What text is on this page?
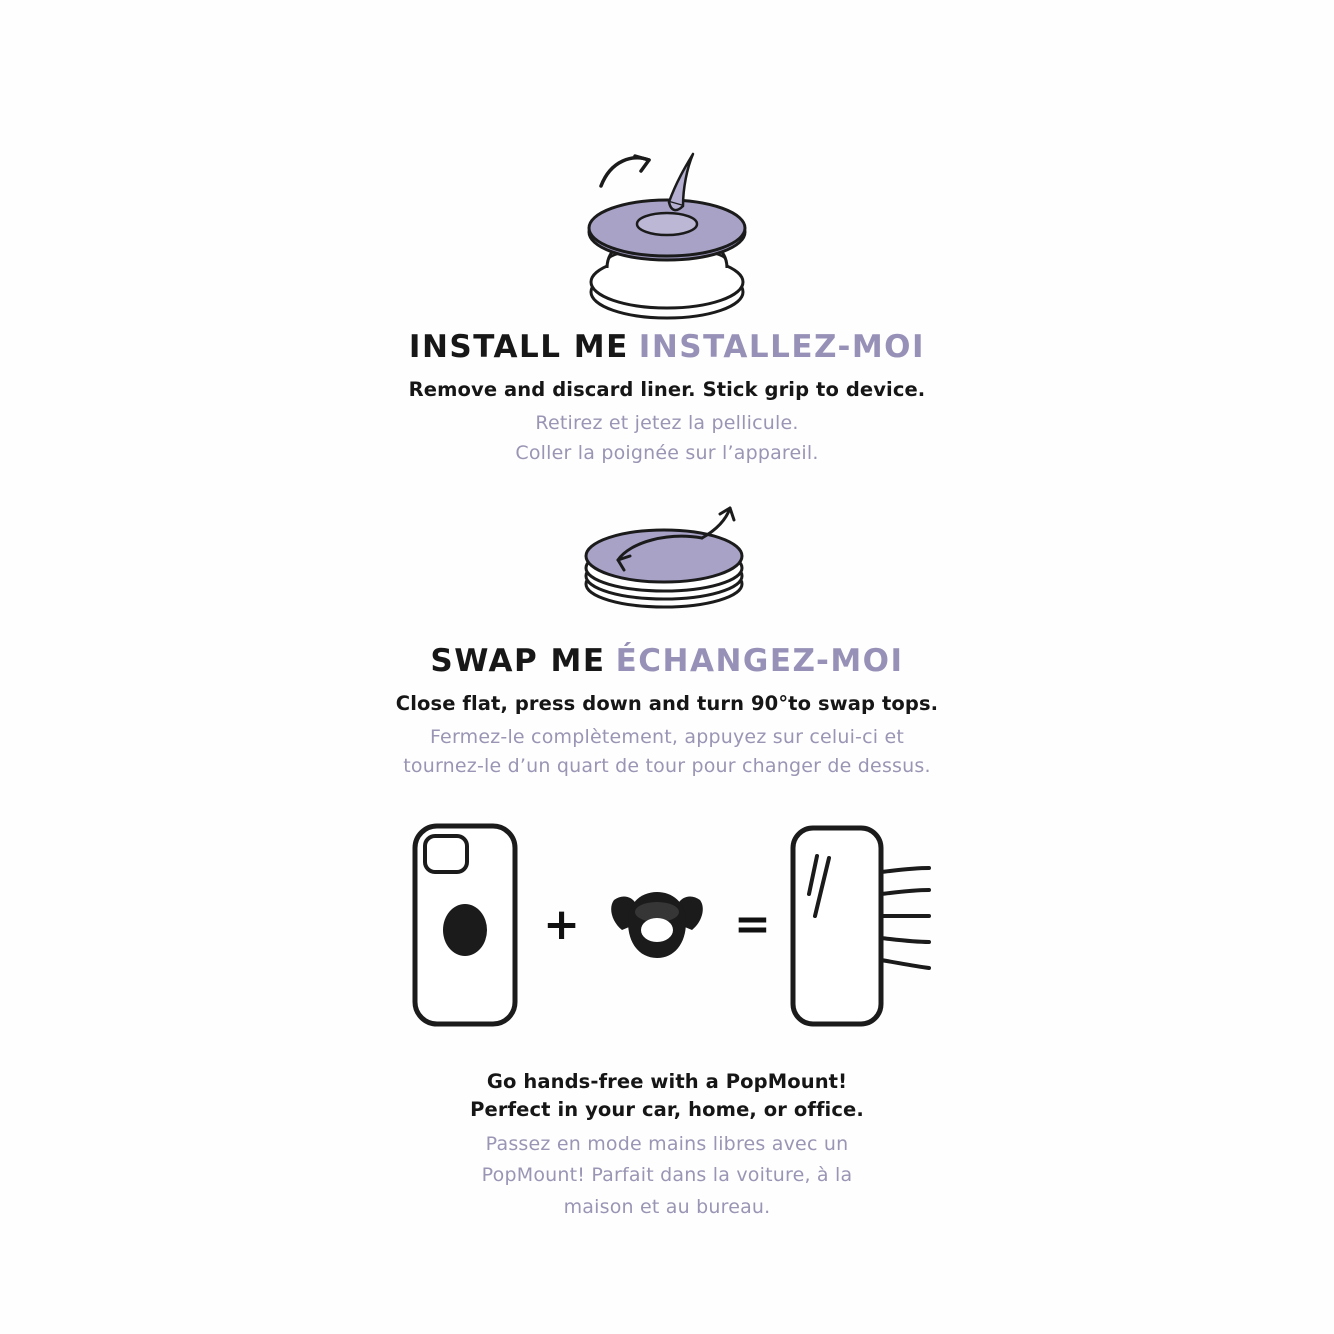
INSTALL ME INSTALLEZ-MOI

Remove and discard liner. Stick grip to device.

Retirez et jetez la pellicule.

Coller la poignée sur l’appareil.

SWAP ME ÉCHANGEZ-MOI

Close flat, press down and turn 90°to swap tops.

Fermez-le complètement, appuyez sur celui-ci et

tournez-le d’un quart de tour pour changer de dessus.

+	=

Go hands-free with a PopMount!

Perfect in your car, home, or office.

Passez en mode mains libres avec un

PopMount! Parfait dans la voiture, à la

maison et au bureau.
